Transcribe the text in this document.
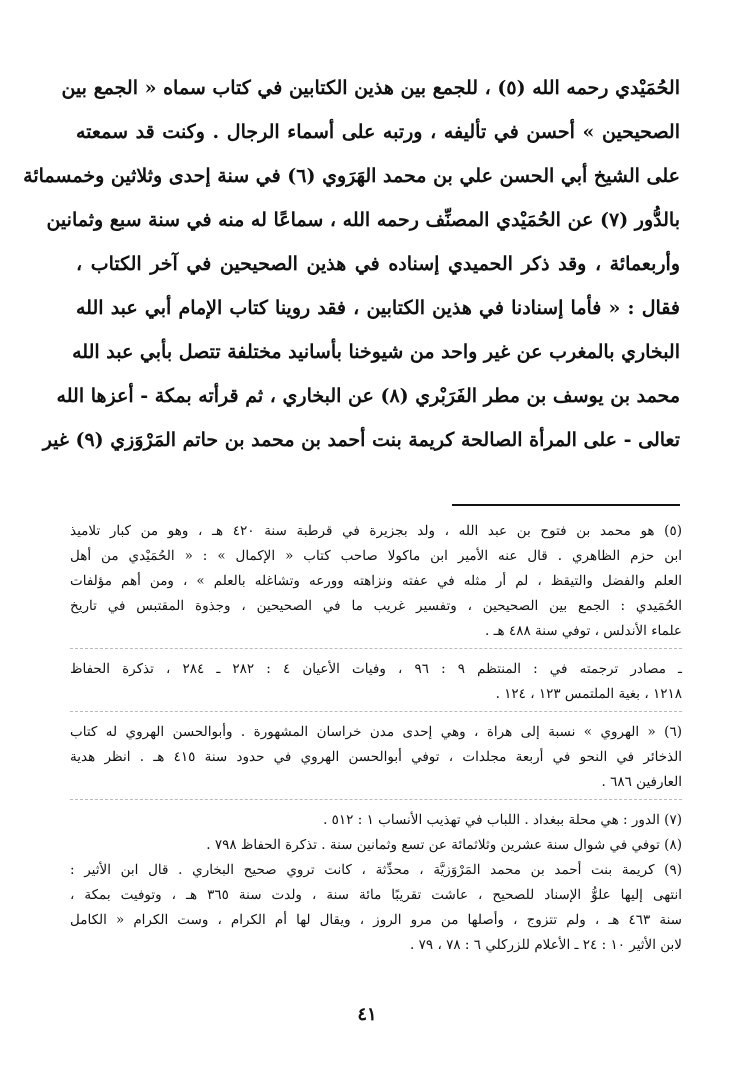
الحُمَيْدي رحمه الله (٥) ، للجمع بين هذين الكتابين في كتاب سماه « الجمع بين
الصحيحين » أحسن في تأليفه ، ورتبه على أسماء الرجال . وكنت قد سمعته
على الشيخ أبي الحسن علي بن محمد الهَرَوي (٦) في سنة إحدى وثلاثين وخمسمائة
بالدُّور (٧) عن الحُمَيْدي المصنِّف رحمه الله ، سماعًا له منه في سنة سبع وثمانين
وأربعمائة ، وقد ذكر الحميدي إسناده في هذين الصحيحين في آخر الكتاب ،
فقال : « فأما إسنادنا في هذين الكتابين ، فقد روينا كتاب الإمام أبي عبد الله
البخاري بالمغرب عن غير واحد من شيوخنا بأسانيد مختلفة تتصل بأبي عبد الله
محمد بن يوسف بن مطر الفَرَبْري (٨) عن البخاري ، ثم قرأته بمكة - أعزها الله
تعالى - على المرأة الصالحة كريمة بنت أحمد بن محمد بن حاتم المَرْوَزي (٩) غير
(٥) هو محمد بن فتوح بن عبد الله ، ولد بجزيرة في قرطبة سنة ٤٢٠ هـ ، وهو من كبار تلاميذ
ابن حزم الظاهري . قال عنه الأمير ابن ماكولا صاحب كتاب « الإكمال » : « الحُمَيْدي من أهل
العلم والفضل والتيقظ ، لم أر مثله في عفته ونزاهته وورعه وتشاغله بالعلم » ، ومن أهم مؤلفات
الحُمَيدي : الجمع بين الصحيحين ، وتفسير غريب ما في الصحيحين ، وجذوة المقتبس في تاريخ
علماء الأندلس ، توفي سنة ٤٨٨ هـ .
ـ مصادر ترجمته في : المنتظم ٩ : ٩٦ ، وفيات الأعيان ٤ : ٢٨٢ ـ ٢٨٤ ، تذكرة الحفاظ
١٢١٨ ، بغية الملتمس ١٢٣ ، ١٢٤ .
(٦) « الهروي » نسبة إلى هراة ، وهي إحدى مدن خراسان المشهورة . وأبوالحسن الهروي له كتاب
الذخائر في النحو في أربعة مجلدات ، توفي أبوالحسن الهروي في حدود سنة ٤١٥ هـ . انظر هدية
العارفين ٦٨٦ .
(٧) الدور : هي محلة ببغداد . اللباب في تهذيب الأنساب ١ : ٥١٢ .
(٨) توفي في شوال سنة عشرين وثلاثمائة عن تسع وثمانين سنة . تذكرة الحفاظ ٧٩٨ .
(٩) كريمة بنت أحمد بن محمد المَرْوَزيَّة ، محدِّثة ، كانت تروي صحيح البخاري . قال ابن الأثير :
انتهى إليها علوُّ الإسناد للصحيح ، عاشت تقريبًا مائة سنة ، ولدت سنة ٣٦٥ هـ ، وتوفيت بمكة ،
سنة ٤٦٣ هـ ، ولم تتزوج ، وأصلها من مرو الروز ، ويقال لها أم الكرام ، وست الكرام « الكامل
لابن الأثير ١٠ : ٢٤ ـ الأعلام للزركلي ٦ : ٧٨ ، ٧٩ .
٤١
